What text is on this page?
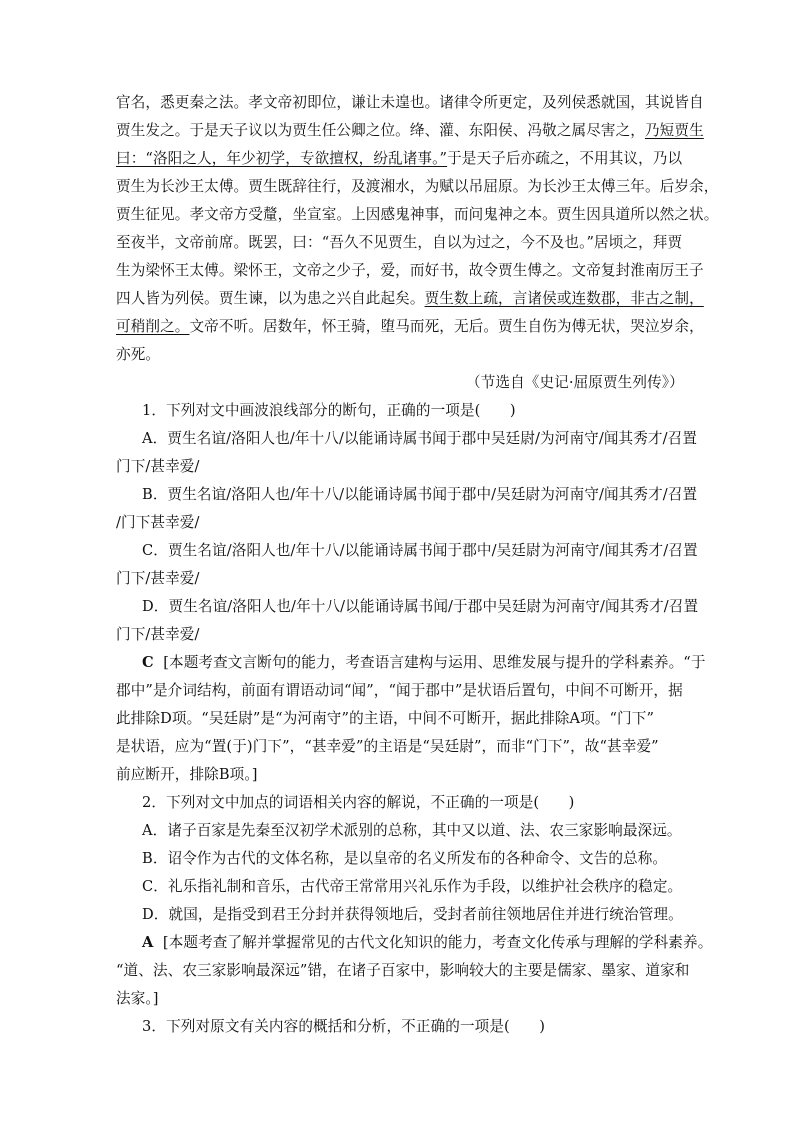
官名，悉更秦之法。孝文帝初即位，谦让未遑也。诸律令所更定，及列侯悉就国，其说皆自
贾生发之。于是天子议以为贾生任公卿之位。绛、灌、东阳侯、冯敬之属尽害之，乃短贾生
曰：“洛阳之人，年少初学，专欲擅权，纷乱诸事。”于是天子后亦疏之，不用其议，乃以
贾生为长沙王太傅。贾生既辞往行，及渡湘水，为赋以吊屈原。为长沙王太傅三年。后岁余，
贾生征见。孝文帝方受釐，坐宣室。上因感鬼神事，而问鬼神之本。贾生因具道所以然之状。
至夜半，文帝前席。既罢，曰：“吾久不见贾生，自以为过之，今不及也。”居顷之，拜贾
生为梁怀王太傅。梁怀王，文帝之少子，爱，而好书，故令贾生傅之。文帝复封淮南厉王子
四人皆为列侯。贾生谏，以为患之兴自此起矣。贾生数上疏，言诸侯或连数郡，非古之制，
可稍削之。文帝不听。居数年，怀王骑，堕马而死，无后。贾生自伤为傅无状，哭泣岁余，
亦死。
（节选自《史记·屈原贾生列传》）
1．下列对文中画波浪线部分的断句，正确的一项是(　　)
A．贾生名谊/洛阳人也/年十八/以能诵诗属书闻于郡中吴廷尉/为河南守/闻其秀才/召置
门下/甚幸爱/
B．贾生名谊/洛阳人也/年十八/以能诵诗属书闻于郡中/吴廷尉为河南守/闻其秀才/召置
/门下甚幸爱/
C．贾生名谊/洛阳人也/年十八/以能诵诗属书闻于郡中/吴廷尉为河南守/闻其秀才/召置
门下/甚幸爱/
D．贾生名谊/洛阳人也/年十八/以能诵诗属书闻/于郡中吴廷尉为河南守/闻其秀才/召置
门下/甚幸爱/
C [本题考查文言断句的能力，考查语言建构与运用、思维发展与提升的学科素养。“于
郡中”是介词结构，前面有谓语动词“闻”，“闻于郡中”是状语后置句，中间不可断开，据
此排除D项。“吴廷尉”是“为河南守”的主语，中间不可断开，据此排除A项。“门下”
是状语，应为“置(于)门下”，“甚幸爱”的主语是“吴廷尉”，而非“门下”，故“甚幸爱”
前应断开，排除B项。]
2．下列对文中加点的词语相关内容的解说，不正确的一项是(　　)
A．诸子百家是先秦至汉初学术派别的总称，其中又以道、法、农三家影响最深远。
B．诏令作为古代的文体名称，是以皇帝的名义所发布的各种命令、文告的总称。
C．礼乐指礼制和音乐，古代帝王常常用兴礼乐作为手段，以维护社会秩序的稳定。
D．就国，是指受到君王分封并获得领地后，受封者前往领地居住并进行统治管理。
A [本题考查了解并掌握常见的古代文化知识的能力，考查文化传承与理解的学科素养。
“道、法、农三家影响最深远”错，在诸子百家中，影响较大的主要是儒家、墨家、道家和
法家。]
3．下列对原文有关内容的概括和分析，不正确的一项是(　　)
